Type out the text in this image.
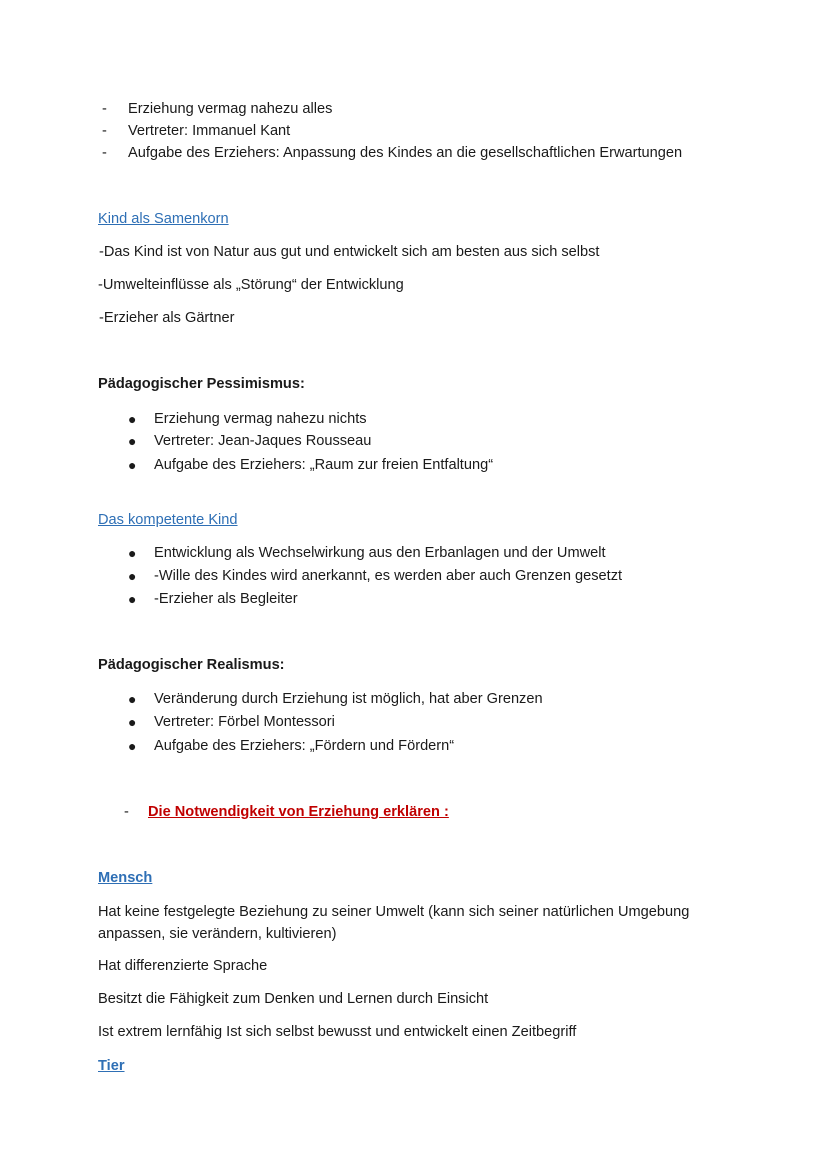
-	Erziehung vermag nahezu alles
-	Vertreter: Immanuel Kant
-	Aufgabe des Erziehers: Anpassung des Kindes an die gesellschaftlichen Erwartungen
Kind als Samenkorn
-Das Kind ist von Natur aus gut und entwickelt sich am besten aus sich selbst
-Umwelteinflüsse als „Störung“ der Entwicklung
-Erzieher als Gärtner
Pädagogischer Pessimismus:
● Erziehung vermag nahezu nichts
● Vertreter: Jean-Jaques Rousseau
● Aufgabe des Erziehers: „Raum zur freien Entfaltung“
Das kompetente Kind
● Entwicklung als Wechselwirkung aus den Erbanlagen und der Umwelt
● -Wille des Kindes wird anerkannt, es werden aber auch Grenzen gesetzt
● -Erzieher als Begleiter
Pädagogischer Realismus:
● Veränderung durch Erziehung ist möglich, hat aber Grenzen
● Vertreter: Förbel Montessori
● Aufgabe des Erziehers: „Fördern und Fördern“
- Die Notwendigkeit von Erziehung erklären :
Mensch
Hat keine festgelegte Beziehung zu seiner Umwelt (kann sich seiner natürlichen Umgebung anpassen, sie verändern, kultivieren)
Hat differenzierte Sprache
Besitzt die Fähigkeit zum Denken und Lernen durch Einsicht
Ist extrem lernfähig Ist sich selbst bewusst und entwickelt einen Zeitbegriff
Tier
